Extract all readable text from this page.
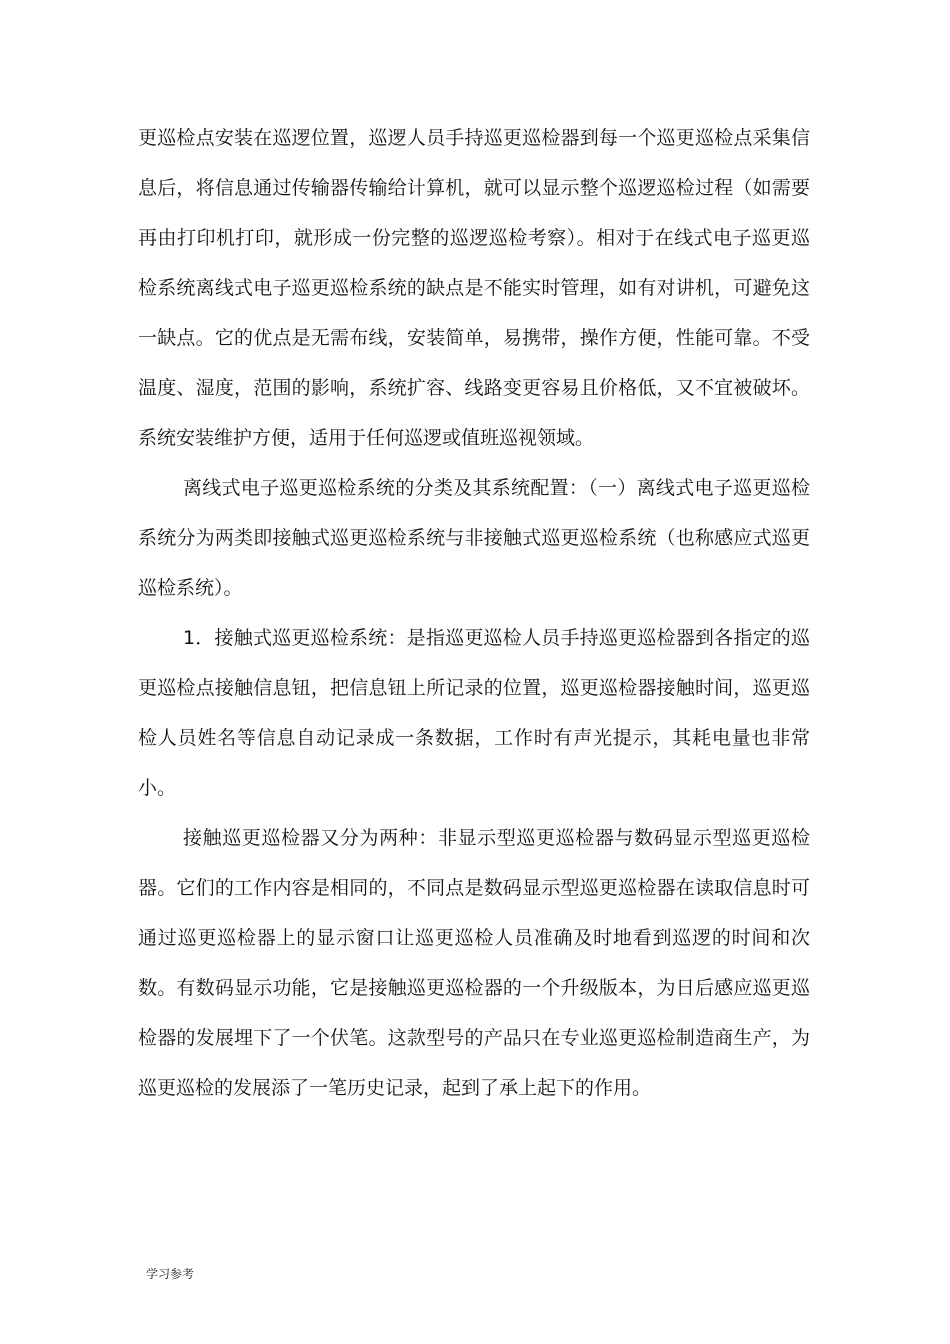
更巡检点安装在巡逻位置，巡逻人员手持巡更巡检器到每一个巡更巡检点采集信息后，将信息通过传输器传输给计算机，就可以显示整个巡逻巡检过程（如需要再由打印机打印，就形成一份完整的巡逻巡检考察）。相对于在线式电子巡更巡检系统离线式电子巡更巡检系统的缺点是不能实时管理，如有对讲机，可避免这一缺点。它的优点是无需布线，安装简单，易携带，操作方便，性能可靠。不受温度、湿度，范围的影响，系统扩容、线路变更容易且价格低，又不宜被破坏。系统安装维护方便，适用于任何巡逻或值班巡视领域。

离线式电子巡更巡检系统的分类及其系统配置：（一）离线式电子巡更巡检系统分为两类即接触式巡更巡检系统与非接触式巡更巡检系统（也称感应式巡更巡检系统）。

1．接触式巡更巡检系统：是指巡更巡检人员手持巡更巡检器到各指定的巡更巡检点接触信息钮，把信息钮上所记录的位置，巡更巡检器接触时间，巡更巡检人员姓名等信息自动记录成一条数据，工作时有声光提示，其耗电量也非常小。

接触巡更巡检器又分为两种：非显示型巡更巡检器与数码显示型巡更巡检器。它们的工作内容是相同的，不同点是数码显示型巡更巡检器在读取信息时可通过巡更巡检器上的显示窗口让巡更巡检人员准确及时地看到巡逻的时间和次数。有数码显示功能，它是接触巡更巡检器的一个升级版本，为日后感应巡更巡检器的发展埋下了一个伏笔。这款型号的产品只在专业巡更巡检制造商生产，为巡更巡检的发展添了一笔历史记录，起到了承上起下的作用。

学习参考
